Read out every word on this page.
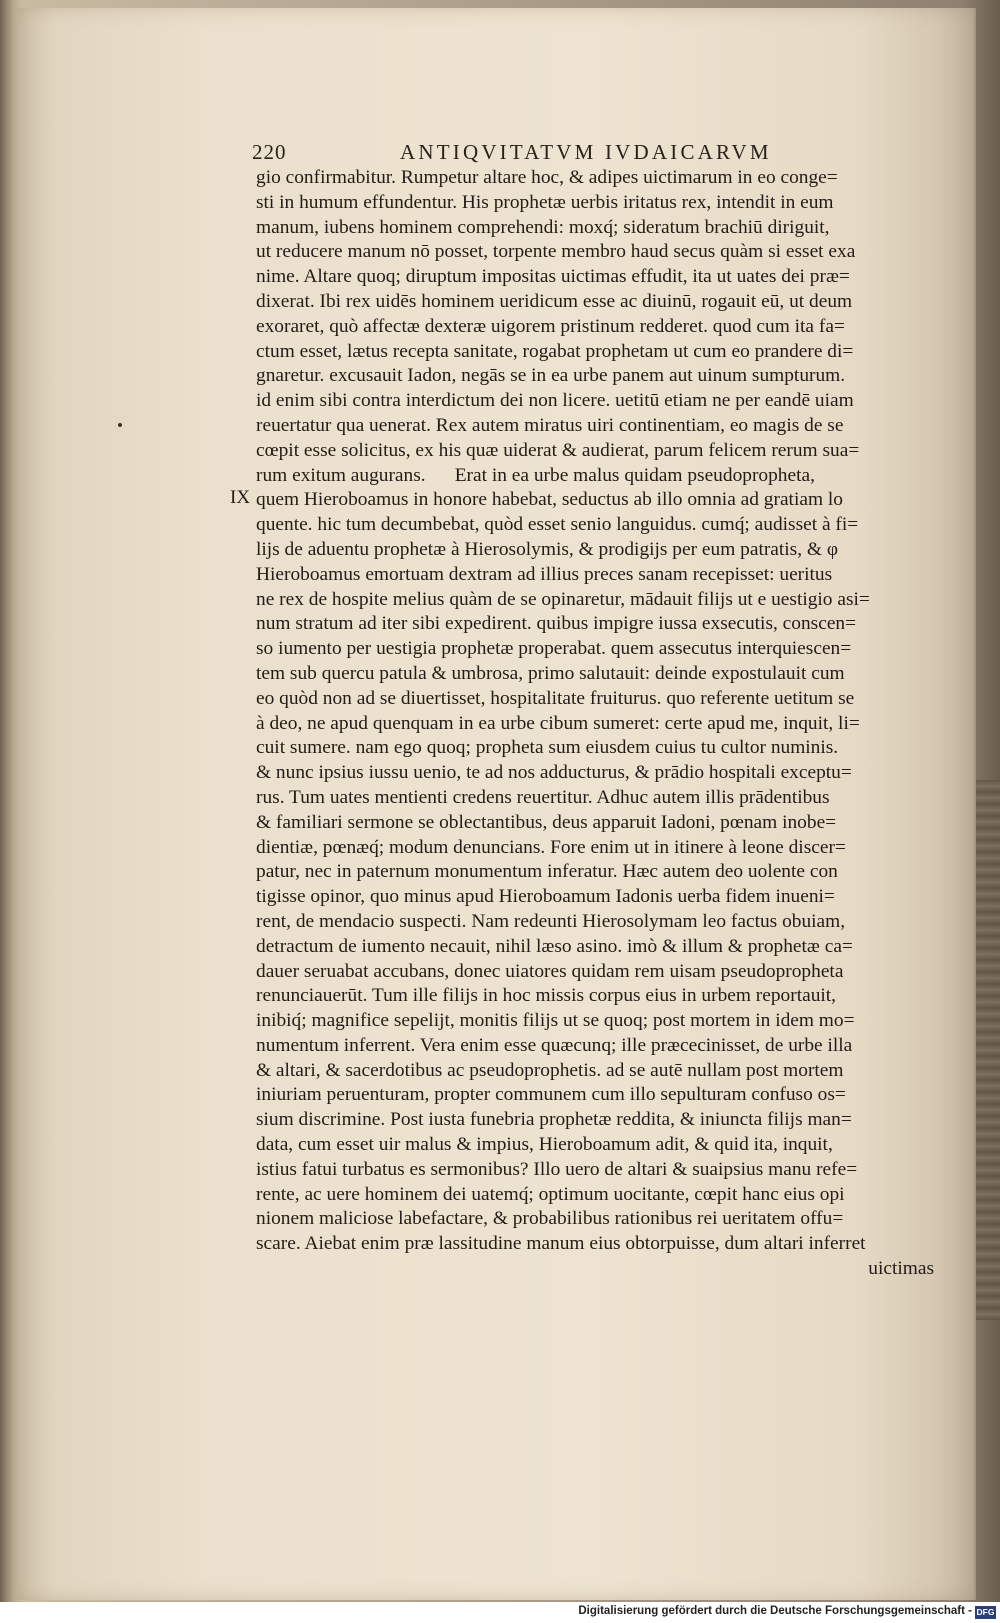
220	ANTIQVITATVM IVDAICARVM
IX
gio confirmabitur. Rumpetur altare hoc, & adipes uictimarum in eo conge=
sti in humum effundentur. His prophetæ uerbis iritatus rex, intendit in eum
manum, iubens hominem comprehendi: moxq́; sideratum brachiū diriguit,
ut reducere manum nō posset, torpente membro haud secus quàm si esset exa
nime. Altare quoq; diruptum impositas uictimas effudit, ita ut uates dei præ=
dixerat. Ibi rex uidēs hominem ueridicum esse ac diuinū, rogauit eū, ut deum
exoraret, quò affectæ dexteræ uigorem pristinum redderet. quod cum ita fa=
ctum esset, lætus recepta sanitate, rogabat prophetam ut cum eo prandere di=
gnaretur. excusauit Iadon, negās se in ea urbe panem aut uinum sumpturum.
id enim sibi contra interdictum dei non licere. uetitū etiam ne per eandē uiam
reuertatur qua uenerat. Rex autem miratus uiri continentiam, eo magis de se
cœpit esse solicitus, ex his quæ uiderat & audierat, parum felicem rerum sua=
rum exitum augurans.      Erat in ea urbe malus quidam pseudopropheta,
quem Hieroboamus in honore habebat, seductus ab illo omnia ad gratiam lo
quente. hic tum decumbebat, quòd esset senio languidus. cumq́; audisset à fi=
lijs de aduentu prophetæ à Hierosolymis, & prodigijs per eum patratis, & φ
Hieroboamus emortuam dextram ad illius preces sanam recepisset: ueritus
ne rex de hospite melius quàm de se opinaretur, mādauit filijs ut e uestigio asi=
num stratum ad iter sibi expedirent. quibus impigre iussa exsecutis, conscen=
so iumento per uestigia prophetæ properabat. quem assecutus interquiescen=
tem sub quercu patula & umbrosa, primo salutauit: deinde expostulauit cum
eo quòd non ad se diuertisset, hospitalitate fruiturus. quo referente uetitum se
à deo, ne apud quenquam in ea urbe cibum sumeret: certe apud me, inquit, li=
cuit sumere. nam ego quoq; propheta sum eiusdem cuius tu cultor numinis.
& nunc ipsius iussu uenio, te ad nos adducturus, & prādio hospitali exceptu=
rus. Tum uates mentienti credens reuertitur. Adhuc autem illis prādentibus
& familiari sermone se oblectantibus, deus apparuit Iadoni, pœnam inobe=
dientiæ, pœnæq́; modum denuncians. Fore enim ut in itinere à leone discer=
patur, nec in paternum monumentum inferatur. Hæc autem deo uolente con
tigisse opinor, quo minus apud Hieroboamum Iadonis uerba fidem inueni=
rent, de mendacio suspecti. Nam redeunti Hierosolymam leo factus obuiam,
detractum de iumento necauit, nihil læso asino. imò & illum & prophetæ ca=
dauer seruabat accubans, donec uiatores quidam rem uisam pseudopropheta
renunciauerūt. Tum ille filijs in hoc missis corpus eius in urbem reportauit,
inibiq́; magnifice sepelijt, monitis filijs ut se quoq; post mortem in idem mo=
numentum inferrent. Vera enim esse quæcunq; ille præcecinisset, de urbe illa
& altari, & sacerdotibus ac pseudoprophetis. ad se autē nullam post mortem
iniuriam peruenturam, propter communem cum illo sepulturam confuso os=
sium discrimine. Post iusta funebria prophetæ reddita, & iniuncta filijs man=
data, cum esset uir malus & impius, Hieroboamum adit, & quid ita, inquit,
istius fatui turbatus es sermonibus? Illo uero de altari & suaipsius manu refe=
rente, ac uere hominem dei uatemq́; optimum uocitante, cœpit hanc eius opi
nionem maliciose labefactare, & probabilibus rationibus rei ueritatem offu=
scare. Aiebat enim præ lassitudine manum eius obtorpuisse, dum altari inferret
uictimas
Digitalisierung gefördert durch die Deutsche Forschungsgemeinschaft - DFG
